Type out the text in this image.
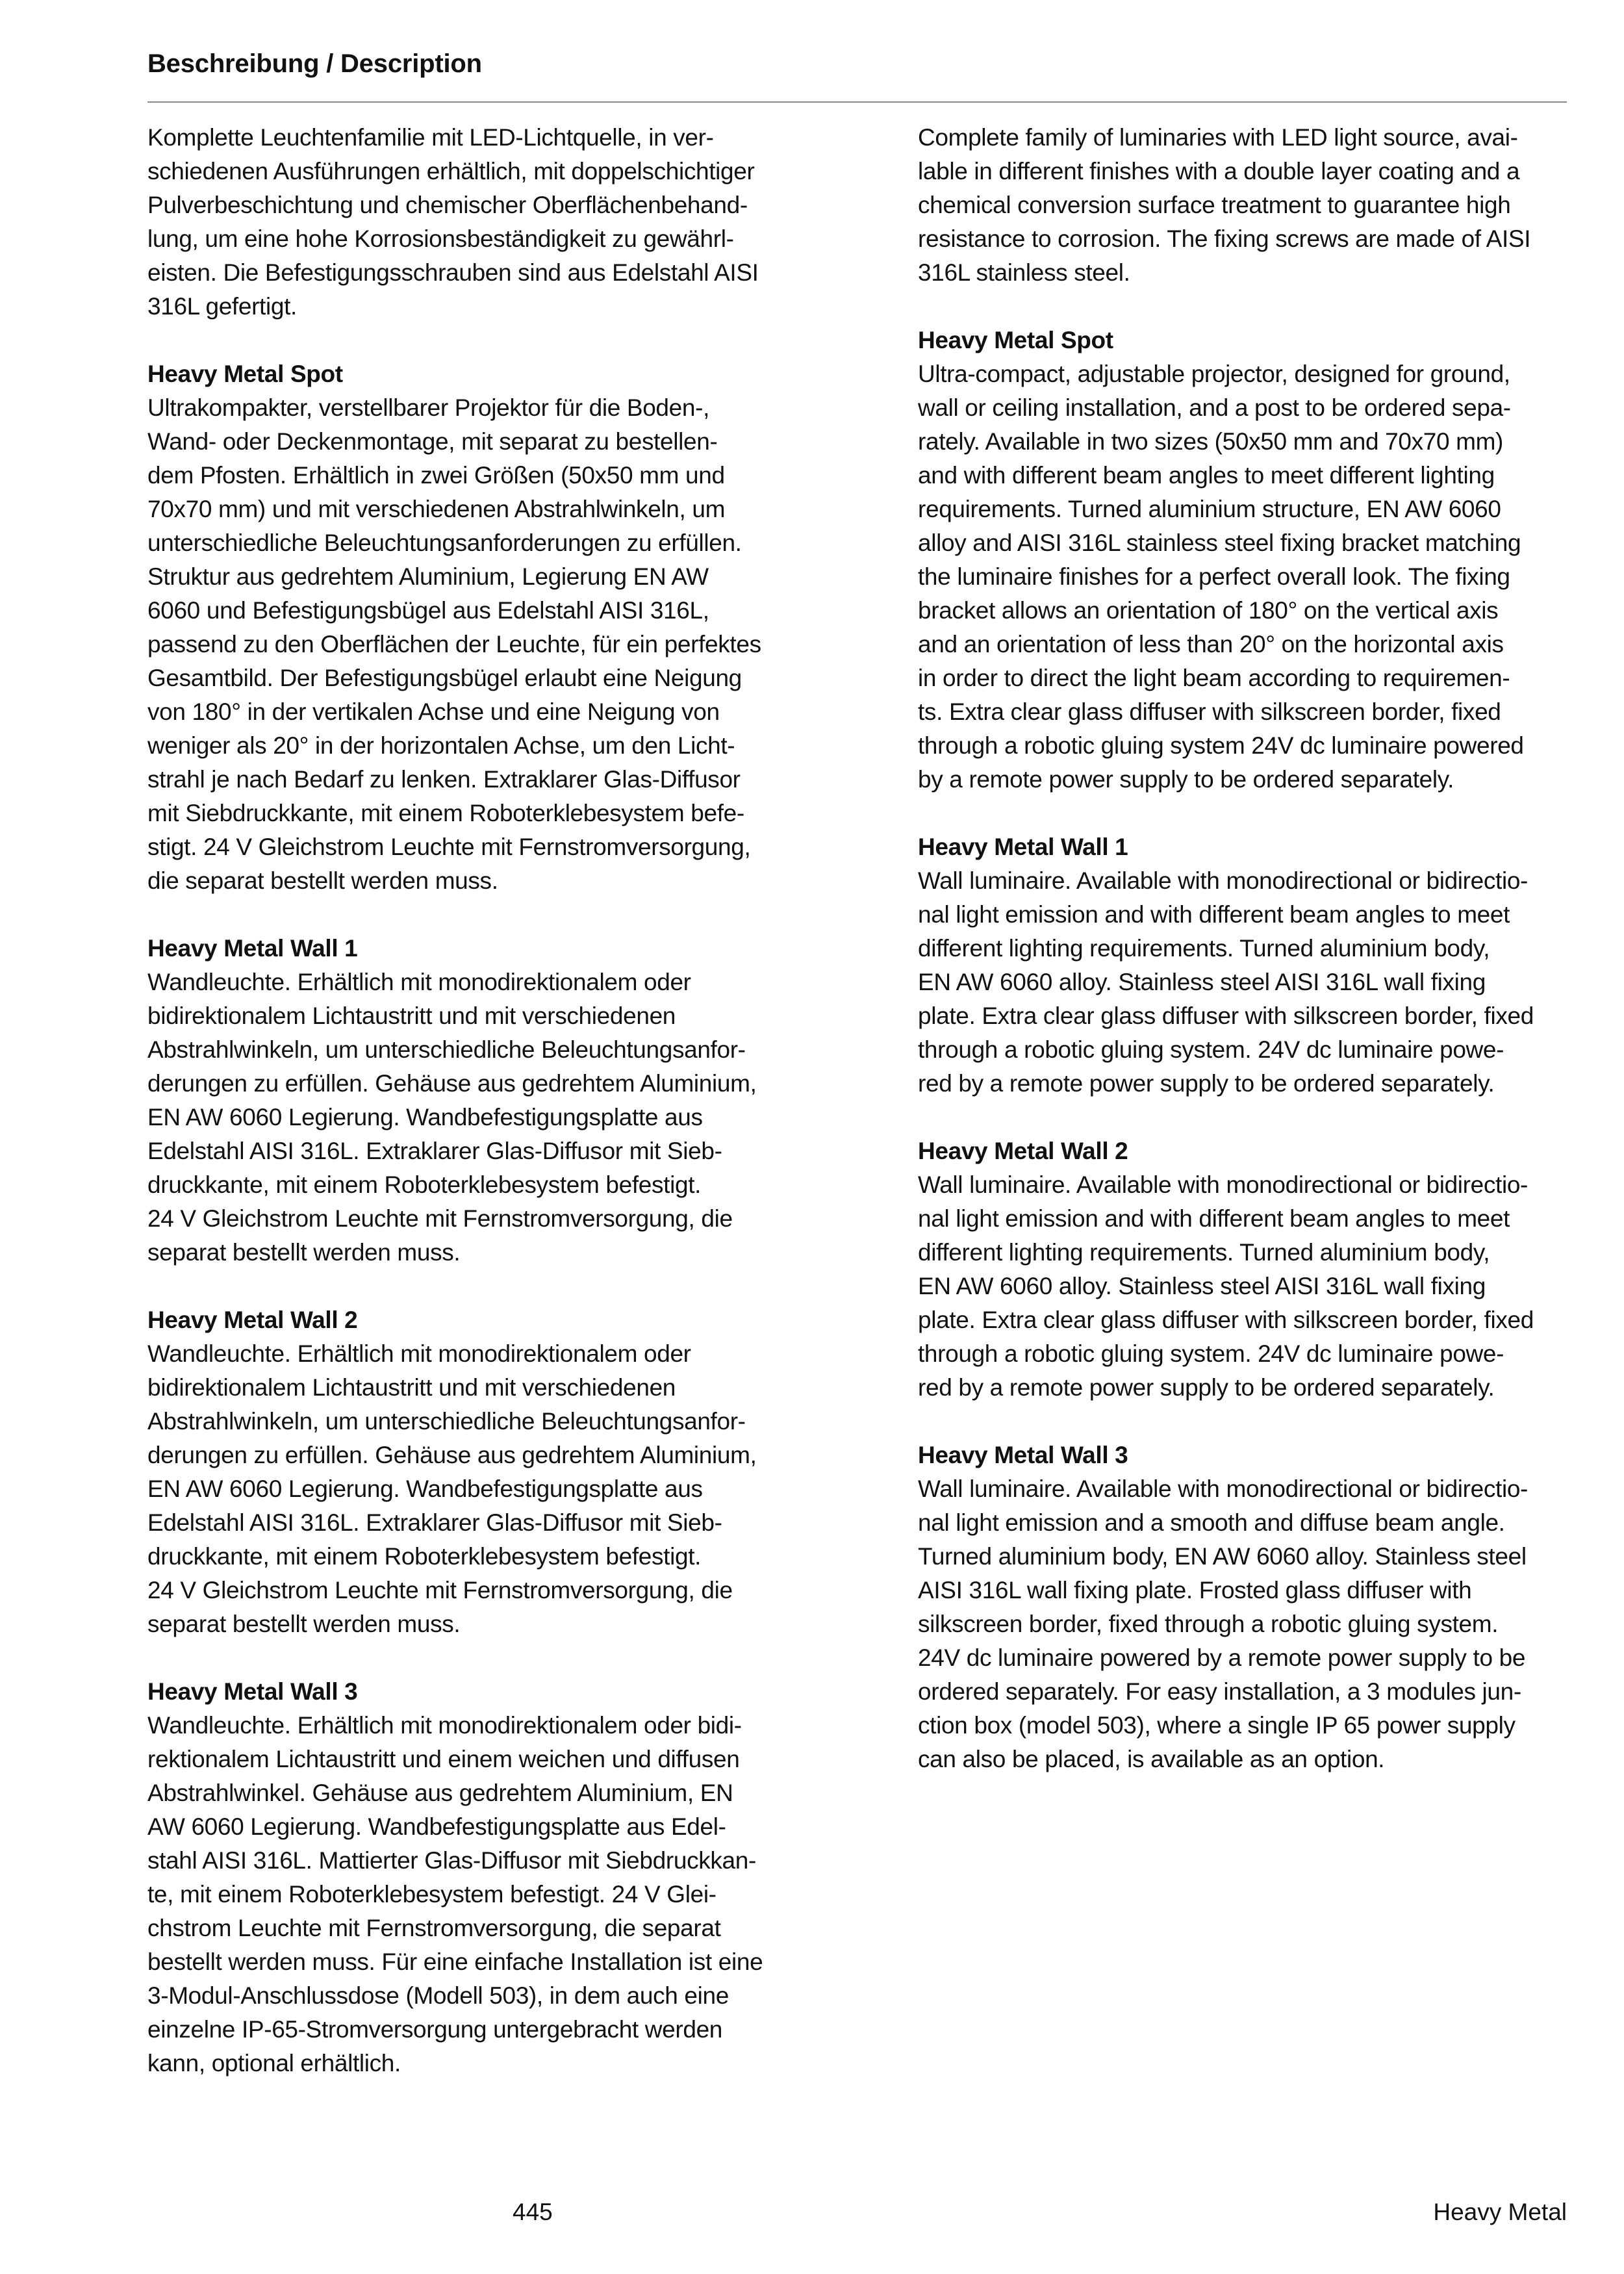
Beschreibung / Description
Komplette Leuchtenfamilie mit LED-Lichtquelle, in ver-
schiedenen Ausführungen erhältlich, mit doppelschichtiger
Pulverbeschichtung und chemischer Oberflächenbehand-
lung, um eine hohe Korrosionsbeständigkeit zu gewährl-
eisten. Die Befestigungsschrauben sind aus Edelstahl AISI
316L gefertigt.
Heavy Metal Spot
Ultrakompakter, verstellbarer Projektor für die Boden-,
Wand- oder Deckenmontage, mit separat zu bestellen-
dem Pfosten. Erhältlich in zwei Größen (50x50 mm und
70x70 mm) und mit verschiedenen Abstrahlwinkeln, um
unterschiedliche Beleuchtungsanforderungen zu erfüllen.
Struktur aus gedrehtem Aluminium, Legierung EN AW
6060 und Befestigungsbügel aus Edelstahl AISI 316L,
passend zu den Oberflächen der Leuchte, für ein perfektes
Gesamtbild. Der Befestigungsbügel erlaubt eine Neigung
von 180° in der vertikalen Achse und eine Neigung von
weniger als 20° in der horizontalen Achse, um den Licht-
strahl je nach Bedarf zu lenken. Extraklarer Glas-Diffusor
mit Siebdruckkante, mit einem Roboterklebesystem befe-
stigt. 24 V Gleichstrom Leuchte mit Fernstromversorgung,
die separat bestellt werden muss.
Heavy Metal Wall 1
Wandleuchte. Erhältlich mit monodirektionalem oder
bidirektionalem Lichtaustritt und mit verschiedenen
Abstrahlwinkeln, um unterschiedliche Beleuchtungsanfor-
derungen zu erfüllen. Gehäuse aus gedrehtem Aluminium,
EN AW 6060 Legierung. Wandbefestigungsplatte aus
Edelstahl AISI 316L. Extraklarer Glas-Diffusor mit Sieb-
druckkante, mit einem Roboterklebesystem befestigt.
24 V Gleichstrom Leuchte mit Fernstromversorgung, die
separat bestellt werden muss.
Heavy Metal Wall 2
Wandleuchte. Erhältlich mit monodirektionalem oder
bidirektionalem Lichtaustritt und mit verschiedenen
Abstrahlwinkeln, um unterschiedliche Beleuchtungsanfor-
derungen zu erfüllen. Gehäuse aus gedrehtem Aluminium,
EN AW 6060 Legierung. Wandbefestigungsplatte aus
Edelstahl AISI 316L. Extraklarer Glas-Diffusor mit Sieb-
druckkante, mit einem Roboterklebesystem befestigt.
24 V Gleichstrom Leuchte mit Fernstromversorgung, die
separat bestellt werden muss.
Heavy Metal Wall 3
Wandleuchte. Erhältlich mit monodirektionalem oder bidi-
rektionalem Lichtaustritt und einem weichen und diffusen
Abstrahlwinkel. Gehäuse aus gedrehtem Aluminium, EN
AW 6060 Legierung. Wandbefestigungsplatte aus Edel-
stahl AISI 316L. Mattierter Glas-Diffusor mit Siebdruckkan-
te, mit einem Roboterklebesystem befestigt. 24 V Glei-
chstrom Leuchte mit Fernstromversorgung, die separat
bestellt werden muss. Für eine einfache Installation ist eine
3-Modul-Anschlussdose (Modell 503), in dem auch eine
einzelne IP-65-Stromversorgung untergebracht werden
kann, optional erhältlich.
Complete family of luminaries with LED light source, avai-
lable in different finishes with a double layer coating and a
chemical conversion surface treatment to guarantee high
resistance to corrosion. The fixing screws are made of AISI
316L stainless steel.
Heavy Metal Spot
Ultra-compact, adjustable projector, designed for ground,
wall or ceiling installation, and a post to be ordered sepa-
rately. Available in two sizes (50x50 mm and 70x70 mm)
and with different beam angles to meet different lighting
requirements. Turned aluminium structure, EN AW 6060
alloy and AISI 316L stainless steel fixing bracket matching
the luminaire finishes for a perfect overall look. The fixing
bracket allows an orientation of 180° on the vertical axis
and an orientation of less than 20° on the horizontal axis
in order to direct the light beam according to requiremen-
ts. Extra clear glass diffuser with silkscreen border, fixed
through a robotic gluing system 24V dc luminaire powered
by a remote power supply to be ordered separately.
Heavy Metal Wall 1
Wall luminaire. Available with monodirectional or bidirectio-
nal light emission and with different beam angles to meet
different lighting requirements. Turned aluminium body,
EN AW 6060 alloy. Stainless steel AISI 316L wall fixing
plate. Extra clear glass diffuser with silkscreen border, fixed
through a robotic gluing system. 24V dc luminaire powe-
red by a remote power supply to be ordered separately.
Heavy Metal Wall 2
Wall luminaire. Available with monodirectional or bidirectio-
nal light emission and with different beam angles to meet
different lighting requirements. Turned aluminium body,
EN AW 6060 alloy. Stainless steel AISI 316L wall fixing
plate. Extra clear glass diffuser with silkscreen border, fixed
through a robotic gluing system. 24V dc luminaire powe-
red by a remote power supply to be ordered separately.
Heavy Metal Wall 3
Wall luminaire. Available with monodirectional or bidirectio-
nal light emission and a smooth and diffuse beam angle.
Turned aluminium body, EN AW 6060 alloy. Stainless steel
AISI 316L wall fixing plate. Frosted glass diffuser with
silkscreen border, fixed through a robotic gluing system.
24V dc luminaire powered by a remote power supply to be
ordered separately. For easy installation, a 3 modules jun-
ction box (model 503), where a single IP 65 power supply
can also be placed, is available as an option.
445	Heavy Metal
